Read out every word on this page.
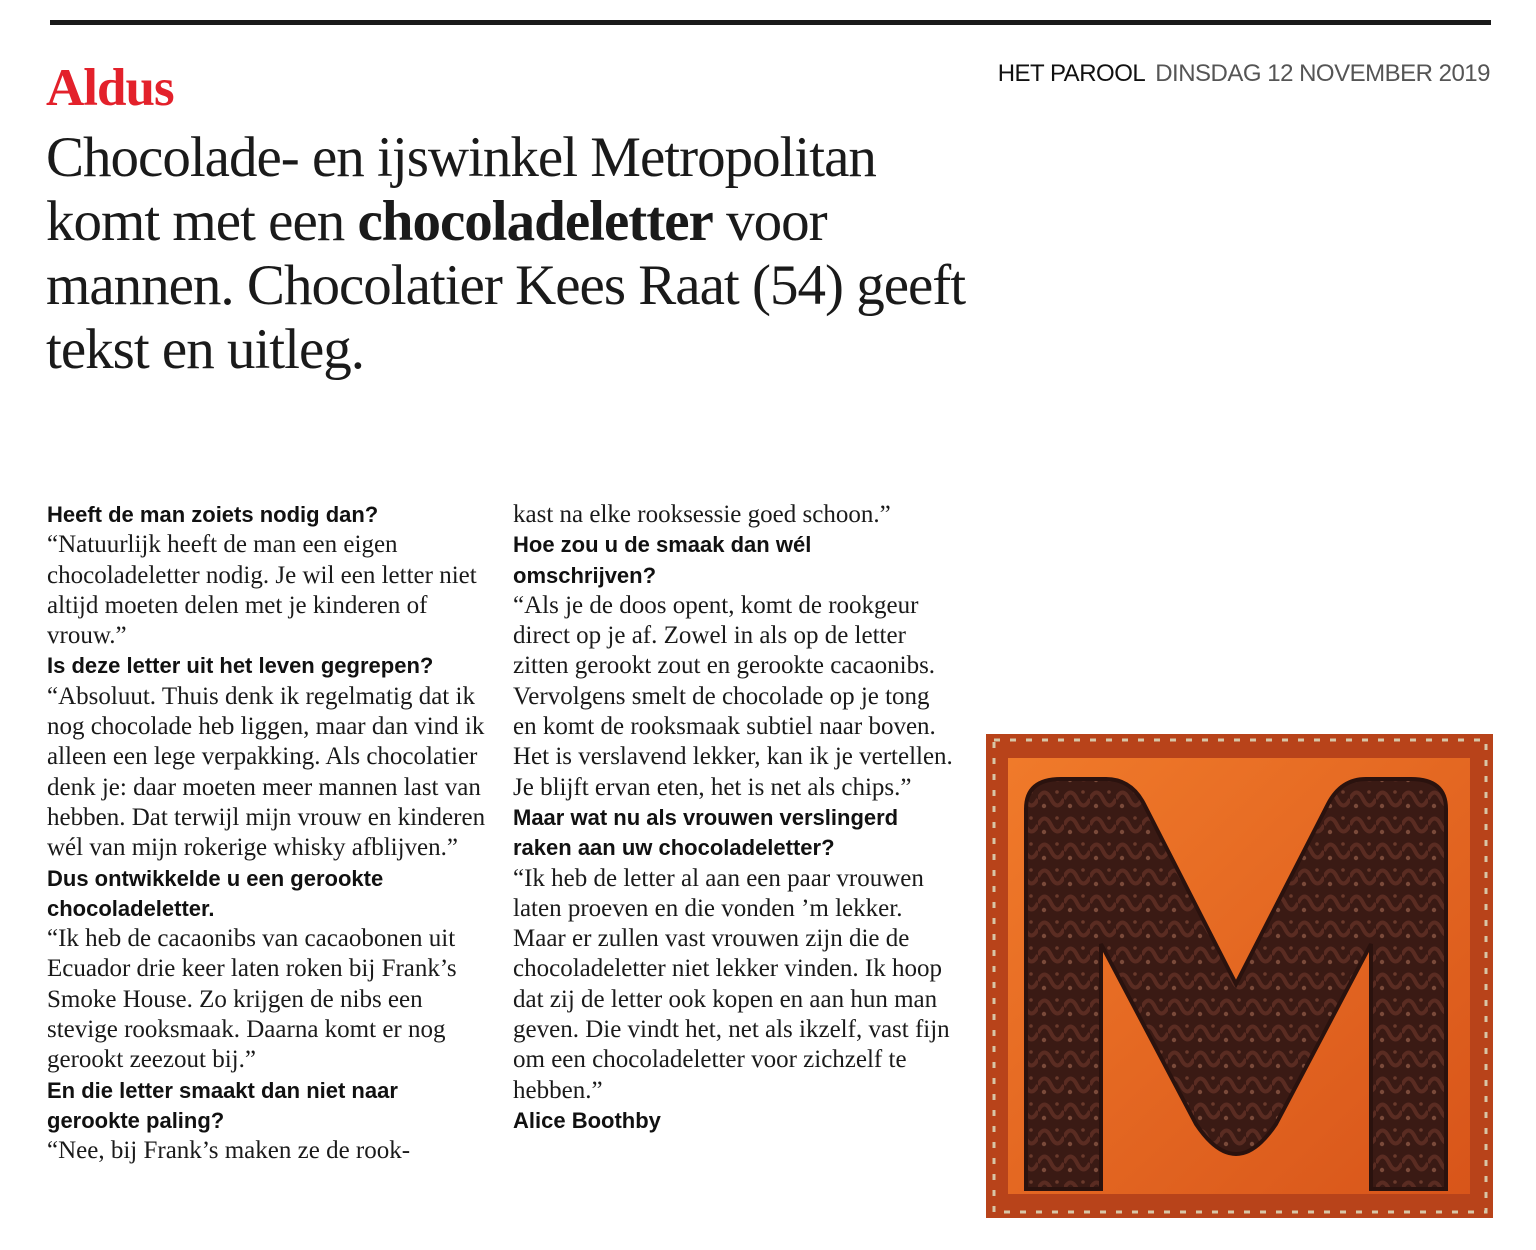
HET PAROOL DINSDAG 12 NOVEMBER 2019
Aldus
Chocolade- en ijswinkel Metropolitan komt met een chocoladeletter voor mannen. Chocolatier Kees Raat (54) geeft tekst en uitleg.

Heeft de man zoiets nodig dan?

“Natuurlijk heeft de man een eigen chocoladeletter nodig. Je wil een letter niet altijd moeten delen met je kinderen of vrouw.”

Is deze letter uit het leven gegrepen?

“Absoluut. Thuis denk ik regelmatig dat ik nog chocolade heb liggen, maar dan vind ik alleen een lege verpakking. Als chocolatier denk je: daar moeten meer mannen last van hebben. Dat terwijl mijn vrouw en kinderen wél van mijn rokerige whisky afblijven.”

Dus ontwikkelde u een gerookte chocoladeletter.

“Ik heb de cacaonibs van cacaobonen uit Ecuador drie keer laten roken bij Frank’s Smoke House. Zo krijgen de nibs een stevige rooksmaak. Daarna komt er nog gerookt zeezout bij.”

En die letter smaakt dan niet naar gerookte paling?

“Nee, bij Frank’s maken ze de rook-

kast na elke rooksessie goed schoon.”

Hoe zou u de smaak dan wél omschrijven?

“Als je de doos opent, komt de rookgeur direct op je af. Zowel in als op de letter zitten gerookt zout en gerookte cacaonibs. Vervolgens smelt de chocolade op je tong en komt de rooksmaak subtiel naar boven. Het is verslavend lekker, kan ik je vertellen. Je blijft ervan eten, het is net als chips.”

Maar wat nu als vrouwen verslingerd raken aan uw chocoladeletter?

“Ik heb de letter al aan een paar vrouwen laten proeven en die vonden ’m lekker. Maar er zullen vast vrouwen zijn die de chocoladeletter niet lekker vinden. Ik hoop dat zij de letter ook kopen en aan hun man geven. Die vindt het, net als ikzelf, vast fijn om een chocoladeletter voor zichzelf te hebben.”

Alice Boothby
